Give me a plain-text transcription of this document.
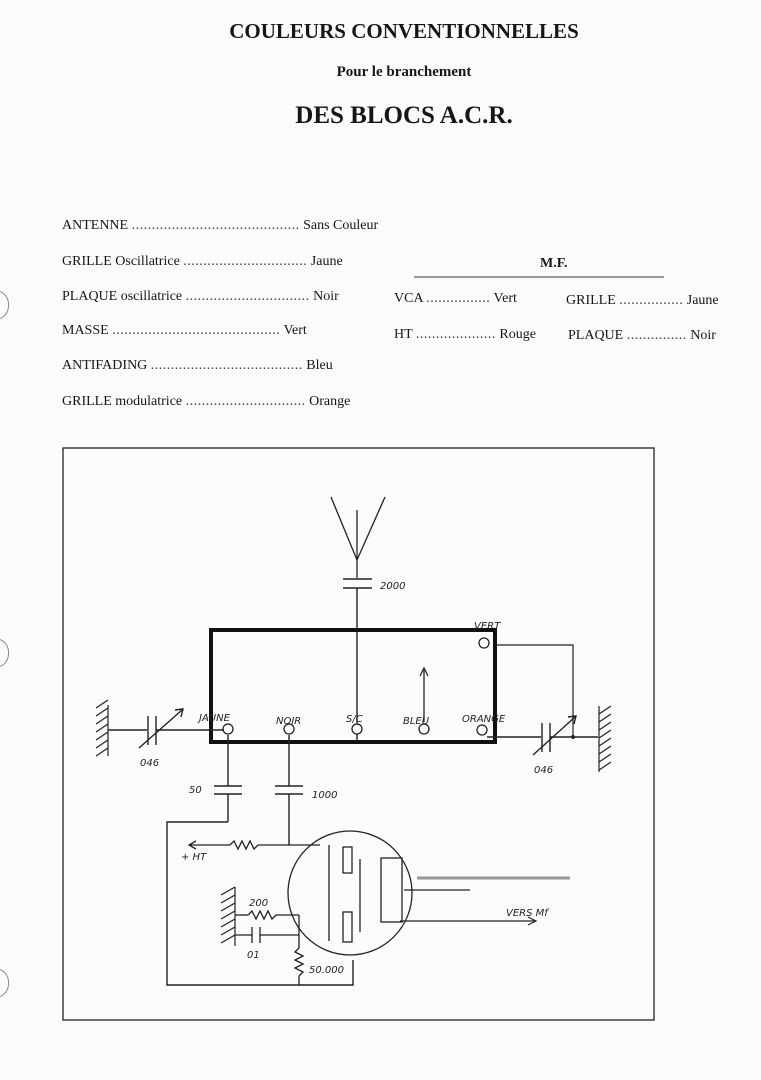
COULEURS CONVENTIONNELLES
Pour le branchement
DES BLOCS A.C.R.
ANTENNE .......................................... Sans Couleur
GRILLE Oscillatrice ............................... Jaune
PLAQUE oscillatrice ............................... Noir
MASSE .......................................... Vert
ANTIFADING ...................................... Bleu
GRILLE modulatrice .............................. Orange
M.F.
VCA ................ Vert
HT .................... Rouge
GRILLE ................ Jaune
PLAQUE ............... Noir
2000
VERT
JAUNE	NOIR	S/C	BLEU	ORANGE
046
046
50	1000
+ HT
VERS Mf
200
01
50.000
